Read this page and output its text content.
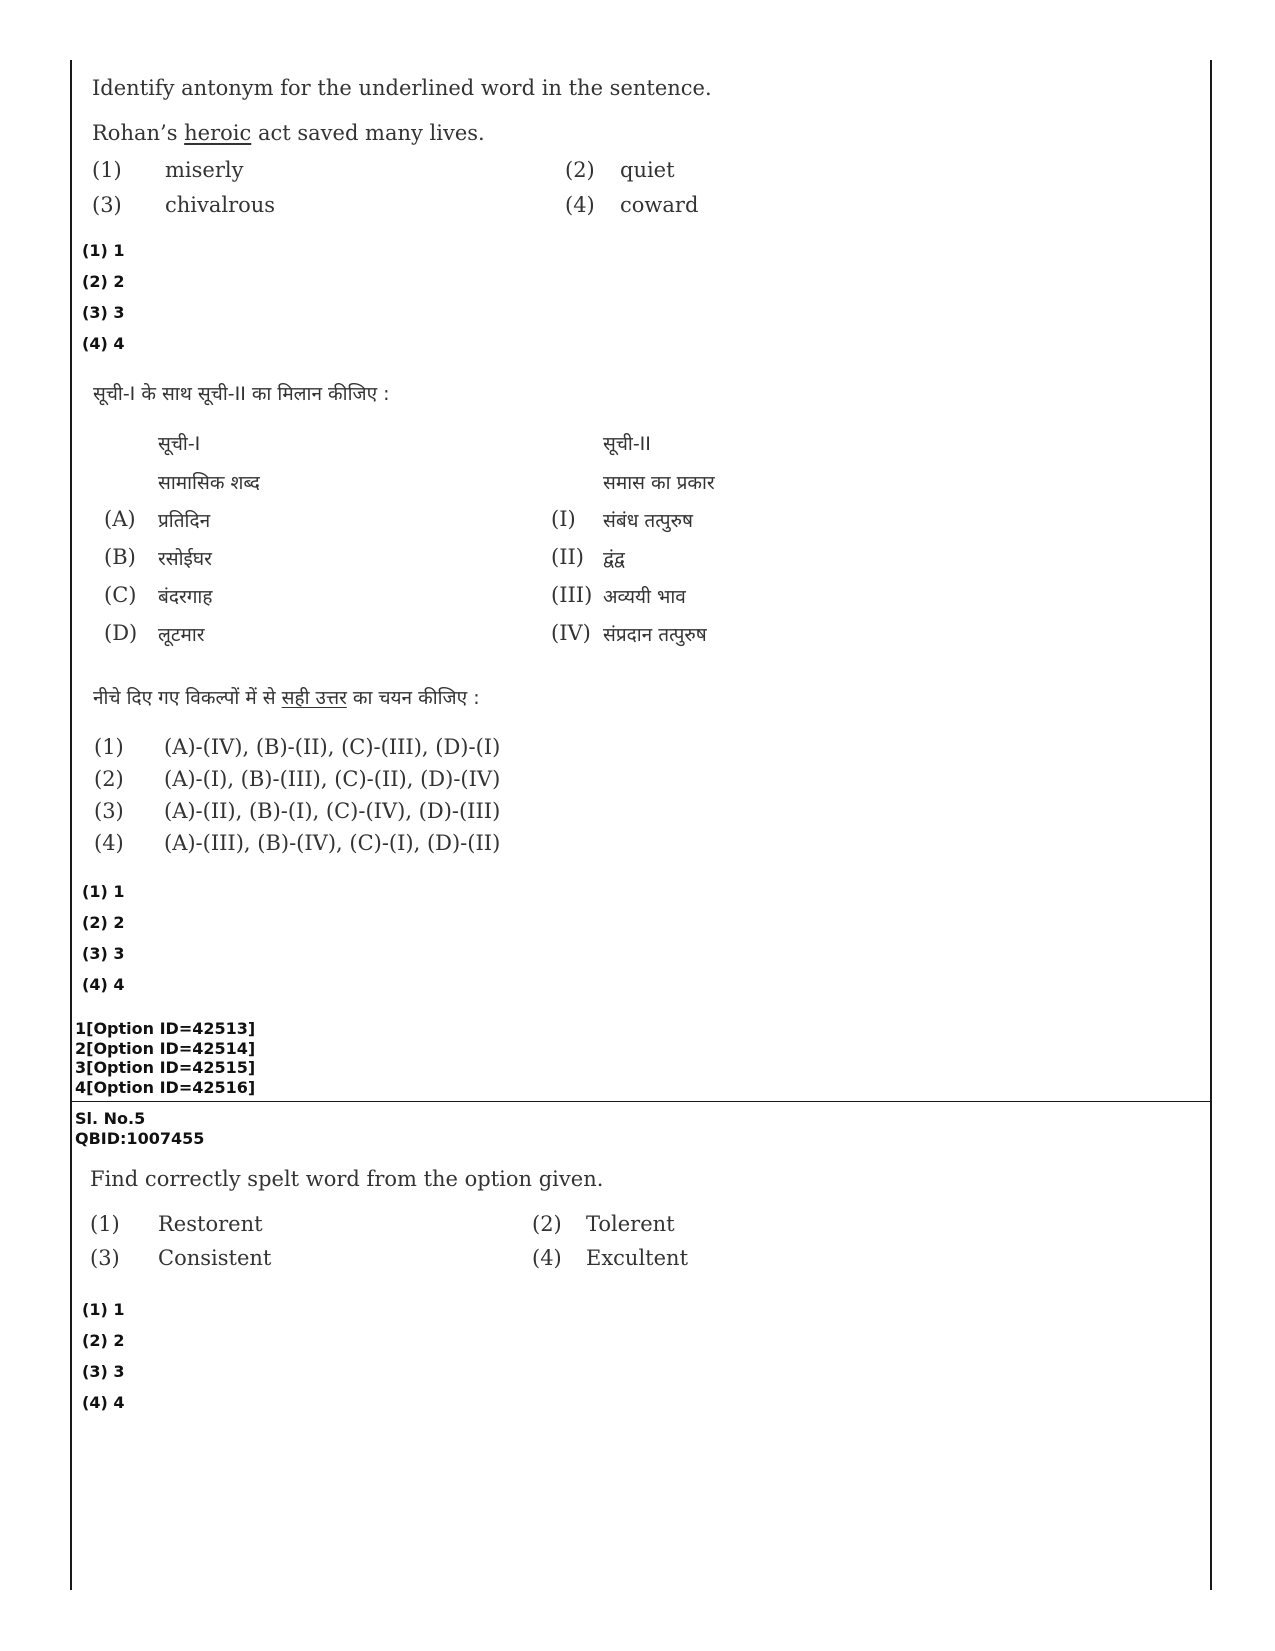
Identify antonym for the underlined word in the sentence.
Rohan’s heroic act saved many lives.
(1) miserly	(2) quiet
(3) chivalrous	(4) coward
(1) 1
(2) 2
(3) 3
(4) 4
सूची-I के साथ सूची-II का मिलान कीजिए :
सूची-I
सामासिक शब्द
सूची-II
समास का प्रकार
(A) प्रतिदिन	(I) संबंध तत्पुरुष
(B) रसोईघर	(II) द्वंद्व
(C) बंदरगाह	(III) अव्ययी भाव
(D) लूटमार	(IV) संप्रदान तत्पुरुष
नीचे दिए गए विकल्पों में से सही उत्तर का चयन कीजिए :
(1) (A)-(IV), (B)-(II), (C)-(III), (D)-(I)
(2) (A)-(I), (B)-(III), (C)-(II), (D)-(IV)
(3) (A)-(II), (B)-(I), (C)-(IV), (D)-(III)
(4) (A)-(III), (B)-(IV), (C)-(I), (D)-(II)
(1) 1
(2) 2
(3) 3
(4) 4
1[Option ID=42513]
2[Option ID=42514]
3[Option ID=42515]
4[Option ID=42516]
Sl. No.5
QBID:1007455
Find correctly spelt word from the option given.
(1) Restorent	(2) Tolerent
(3) Consistent	(4) Excultent
(1) 1
(2) 2
(3) 3
(4) 4
